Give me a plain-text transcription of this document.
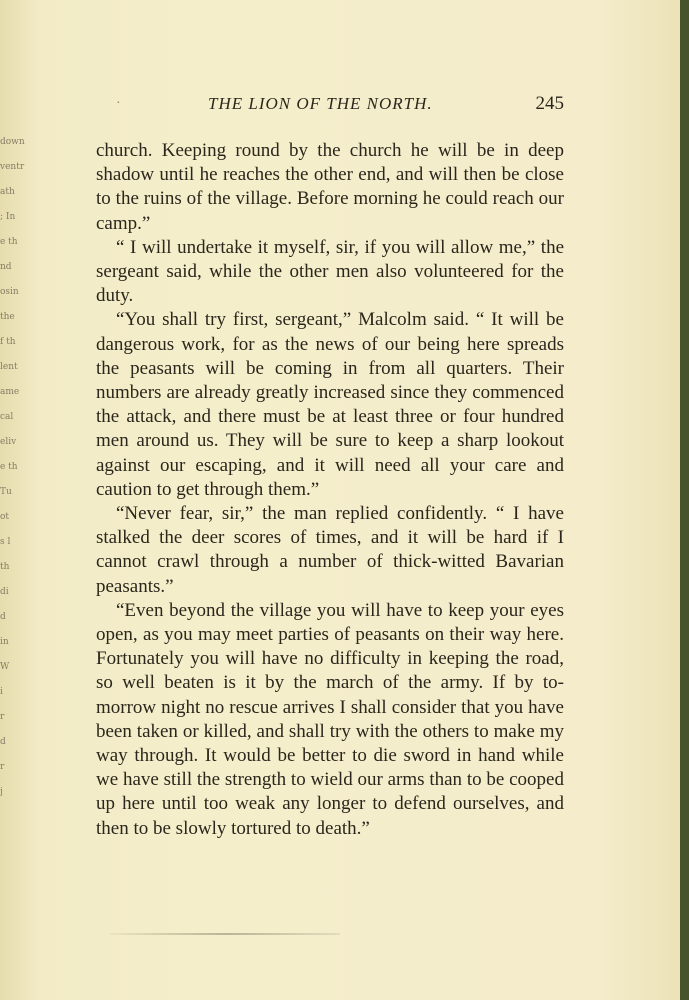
down
ventr
ath
; In
e th
nd
osin
the
f th
lent
ame
cal
eliv
e th
Tu
ot
s l
th
di
d
in
W
i
r
d
r
j
·	THE LION OF THE NORTH.	245

church. Keeping round by the church he will be in deep shadow until he reaches the other end, and will then be close to the ruins of the village. Before morning he could reach our camp.”

“ I will undertake it myself, sir, if you will allow me,” the sergeant said, while the other men also volunteered for the duty.

“You shall try first, sergeant,” Malcolm said. “ It will be dangerous work, for as the news of our being here spreads the peasants will be coming in from all quarters. Their numbers are already greatly increased since they commenced the attack, and there must be at least three or four hundred men around us. They will be sure to keep a sharp lookout against our escaping, and it will need all your care and caution to get through them.”

“Never fear, sir,” the man replied confidently. “ I have stalked the deer scores of times, and it will be hard if I cannot crawl through a number of thick-witted Bavarian peasants.”

“Even beyond the village you will have to keep your eyes open, as you may meet parties of peasants on their way here. Fortunately you will have no difficulty in keeping the road, so well beaten is it by the march of the army. If by to-morrow night no rescue arrives I shall consider that you have been taken or killed, and shall try with the others to make my way through. It would be better to die sword in hand while we have still the strength to wield our arms than to be cooped up here until too weak any longer to defend ourselves, and then to be slowly tortured to death.”
